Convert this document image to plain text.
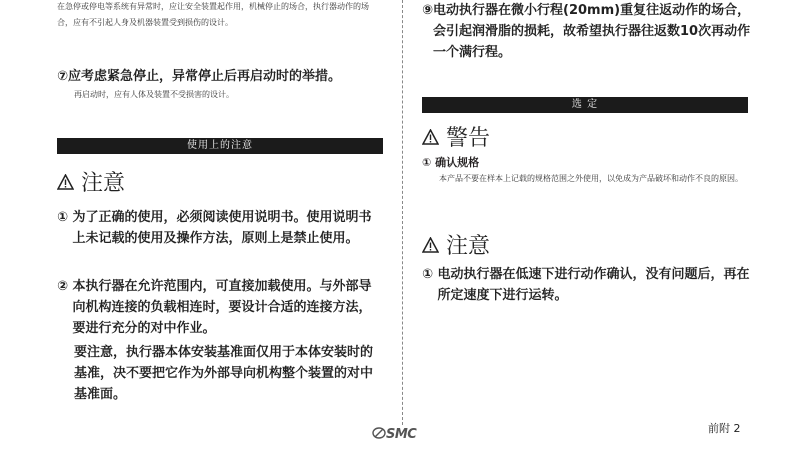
在急停或停电等系统有异常时，应让安全装置起作用，机械停止的场合，执行器动作的场合，应有不引起人身及机器装置受到损伤的设计。
⑦ 应考虑紧急停止，异常停止后再启动时的举措。
再启动时，应有人体及装置不受损害的设计。
使用上的注意
注意
① 为了正确的使用，必须阅读使用说明书。使用说明书上未记载的使用及操作方法，原则上是禁止使用。
② 本执行器在允许范围内，可直接加载使用。与外部导向机构连接的负载相连时，要设计合适的连接方法，要进行充分的对中作业。
要注意，执行器本体安装基准面仅用于本体安装时的基准，决不要把它作为外部导向机构整个装置的对中基准面。
⑨ 电动执行器在微小行程(20mm)重复往返动作的场合，会引起润滑脂的损耗，故希望执行器往返数10次再动作一个满行程。
选 定
警告
① 确认规格
本产品不要在样本上记载的规格范围之外使用，以免成为产品破坏和动作不良的原因。
注意
① 电动执行器在低速下进行动作确认，没有问题后，再在所定速度下进行运转。
SMC	前附 2
